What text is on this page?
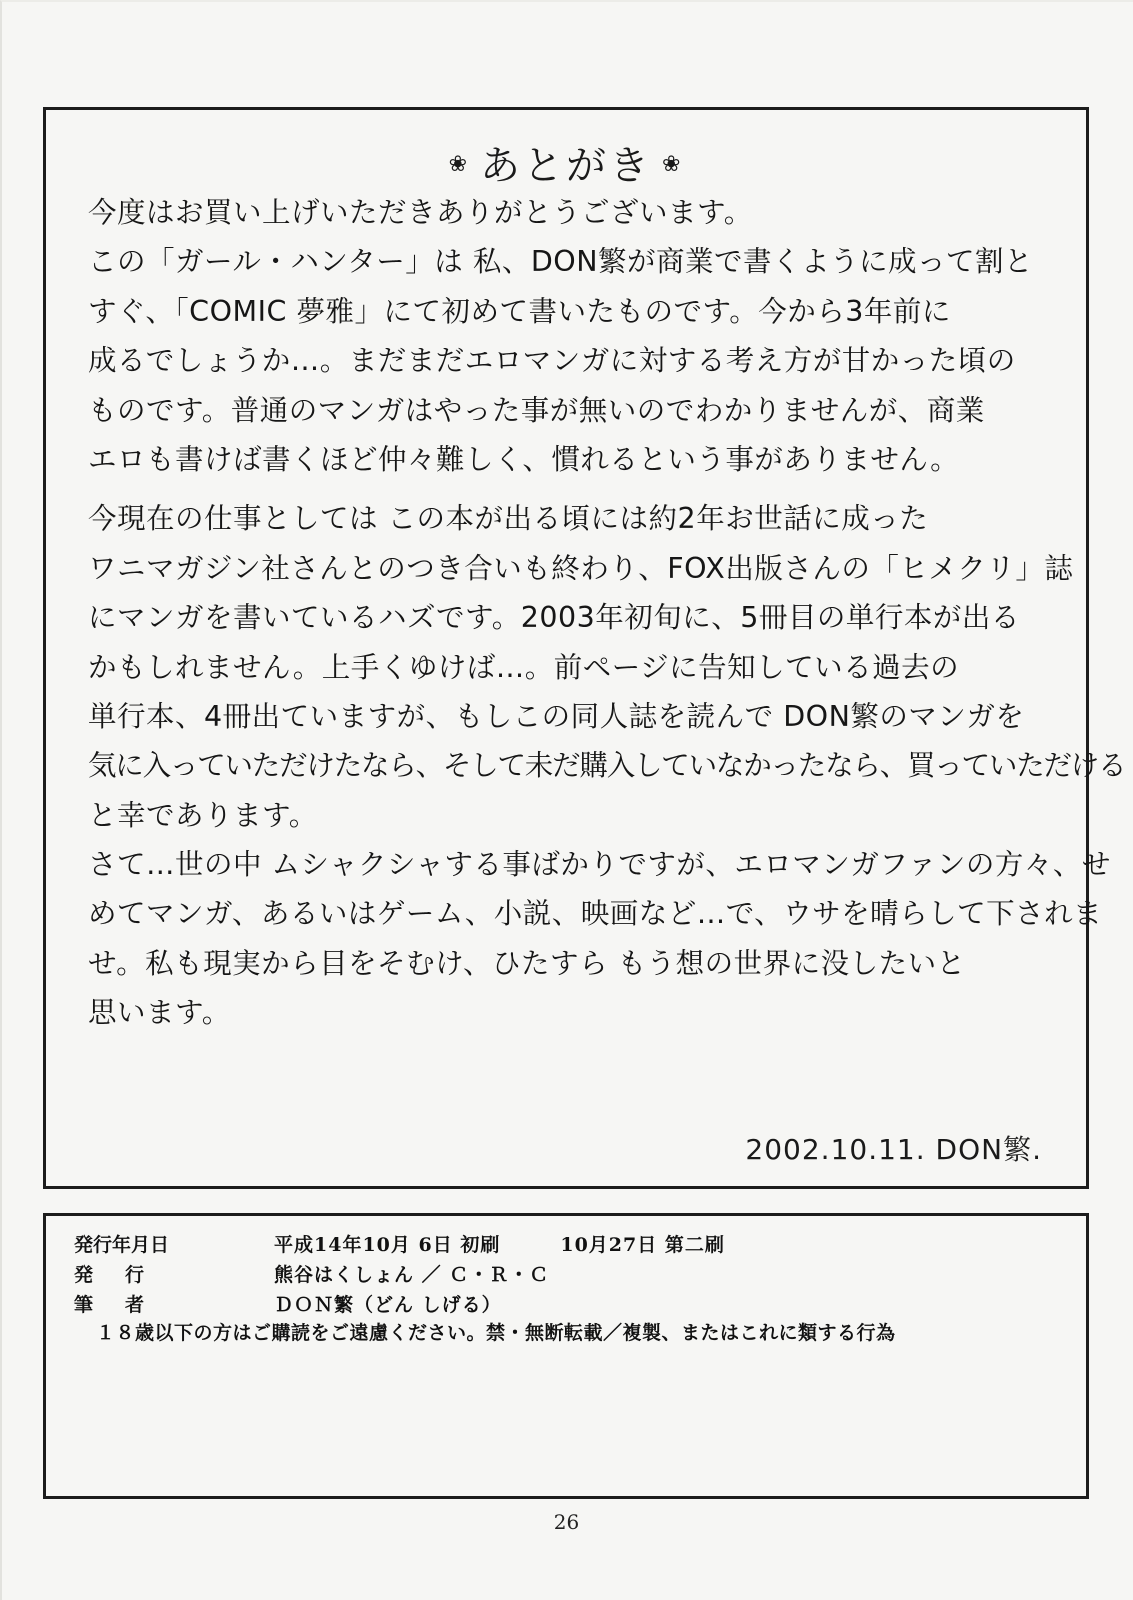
❀ あとがき ❀
今度はお買い上げいただきありがとうございます。
この「ガール・ハンター」は 私、DON繁が商業で書くように成って割と
すぐ、「COMIC 夢雅」にて初めて書いたものです。今から3年前に
成るでしょうか…。まだまだエロマンガに対する考え方が甘かった頃の
ものです。普通のマンガはやった事が無いのでわかりませんが、商業
エロも書けば書くほど仲々難しく、慣れるという事がありません。
今現在の仕事としては この本が出る頃には約2年お世話に成った
ワニマガジン社さんとのつき合いも終わり、FOX出版さんの「ヒメクリ」誌
にマンガを書いているハズです。2003年初旬に、5冊目の単行本が出る
かもしれません。上手くゆけば…。前ページに告知している過去の
単行本、4冊出ていますが、もしこの同人誌を読んで DON繁のマンガを
気に入っていただけたなら、そして未だ購入していなかったなら、買っていただける
と幸であります。
さて…世の中 ムシャクシャする事ばかりですが、エロマンガファンの方々、せ
めてマンガ、あるいはゲーム、小説、映画など…で、ウサを晴らして下されま
せ。私も現実から目をそむけ、ひたすら もう想の世界に没したいと
思います。
2002.10.11. DON繁.
発行年月日	平成14年10月 6日 初刷	10月27日 第二刷
発行	熊谷はくしょん ／ Ｃ・Ｒ・Ｃ
筆者	ＤＯＮ繁（どん しげる）
１８歳以下の方はご購読をご遠慮ください。禁・無断転載／複製、またはこれに類する行為
26
